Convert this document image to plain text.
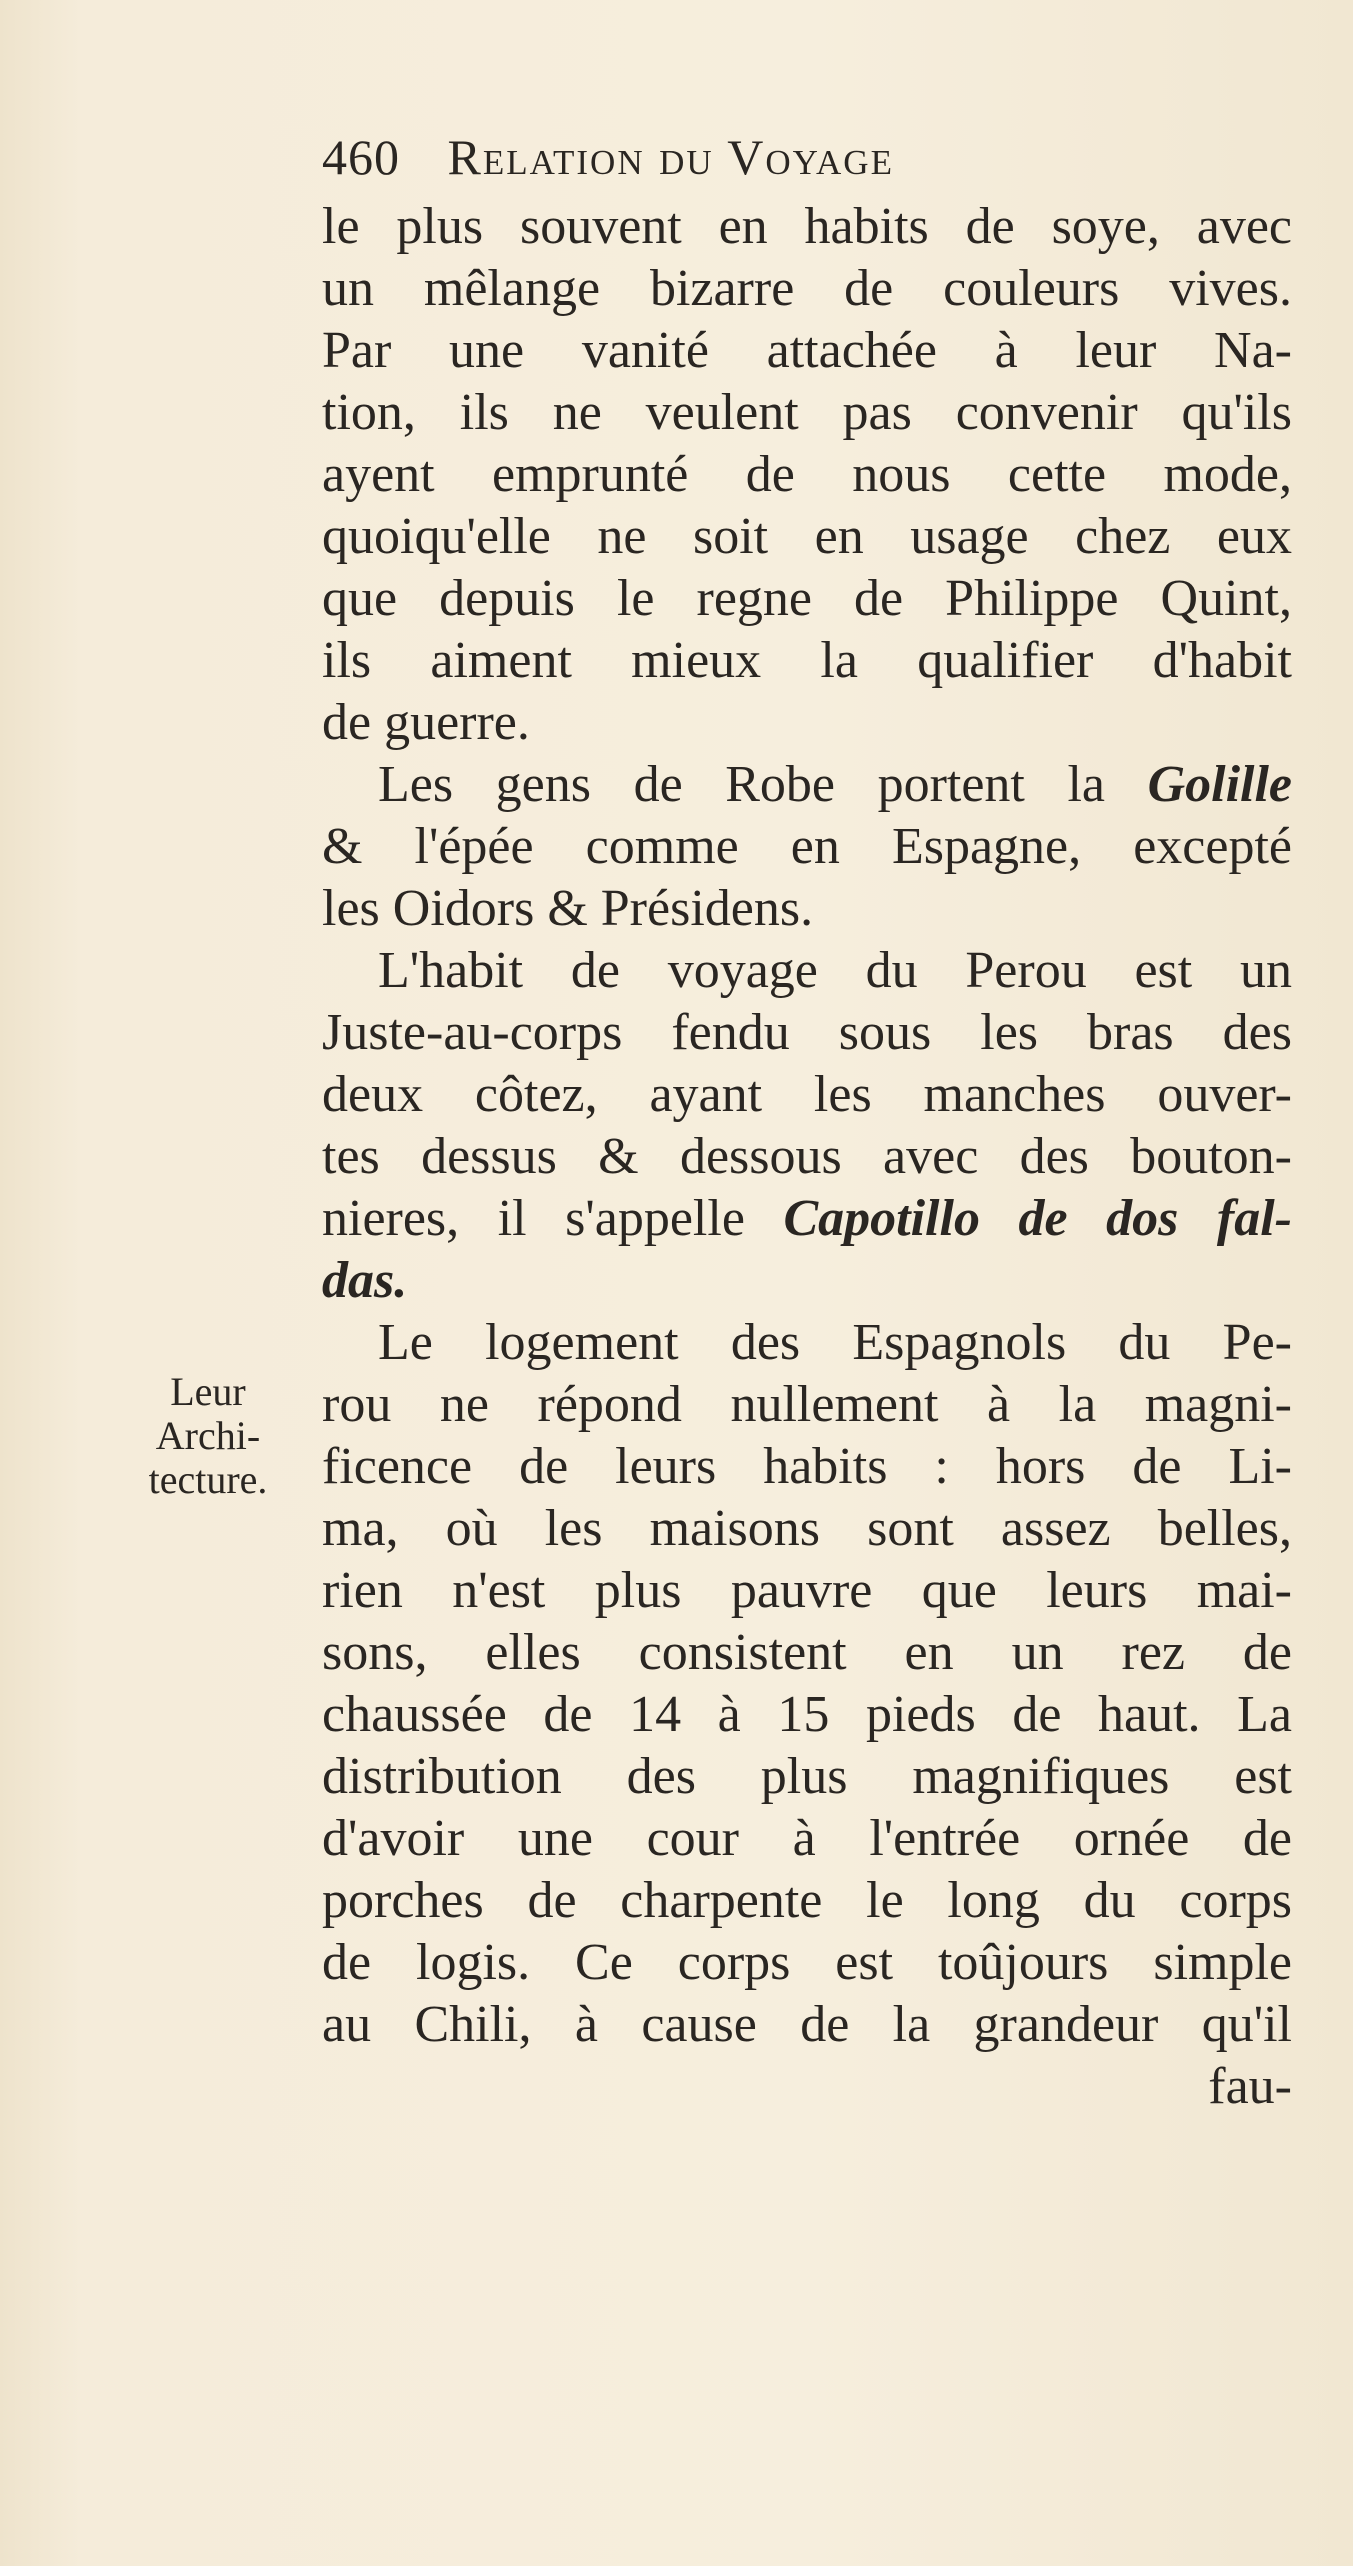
460 Relation du Voyage
le plus souvent en habits de soye, avec
un mêlange bizarre de couleurs vives.
Par une vanité attachée à leur Na-
tion, ils ne veulent pas convenir qu'ils
ayent emprunté de nous cette mode,
quoiqu'elle ne soit en usage chez eux
que depuis le regne de Philippe Quint,
ils aiment mieux la qualifier d'habit
de guerre.
Les gens de Robe portent la Golille
& l'épée comme en Espagne, excepté
les Oidors & Présidens.
L'habit de voyage du Perou est un
Juste-au-corps fendu sous les bras des
deux côtez, ayant les manches ouver-
tes dessus & dessous avec des bouton-
nieres, il s'appelle Capotillo de dos fal-
das.
Le logement des Espagnols du Pe-
rou ne répond nullement à la magni-
ficence de leurs habits : hors de Li-
ma, où les maisons sont assez belles,
rien n'est plus pauvre que leurs mai-
sons, elles consistent en un rez de
chaussée de 14 à 15 pieds de haut. La
distribution des plus magnifiques est
d'avoir une cour à l'entrée ornée de
porches de charpente le long du corps
de logis. Ce corps est toûjours simple
au Chili, à cause de la grandeur qu'il
fau-
Leur
Archi-
tecture.
